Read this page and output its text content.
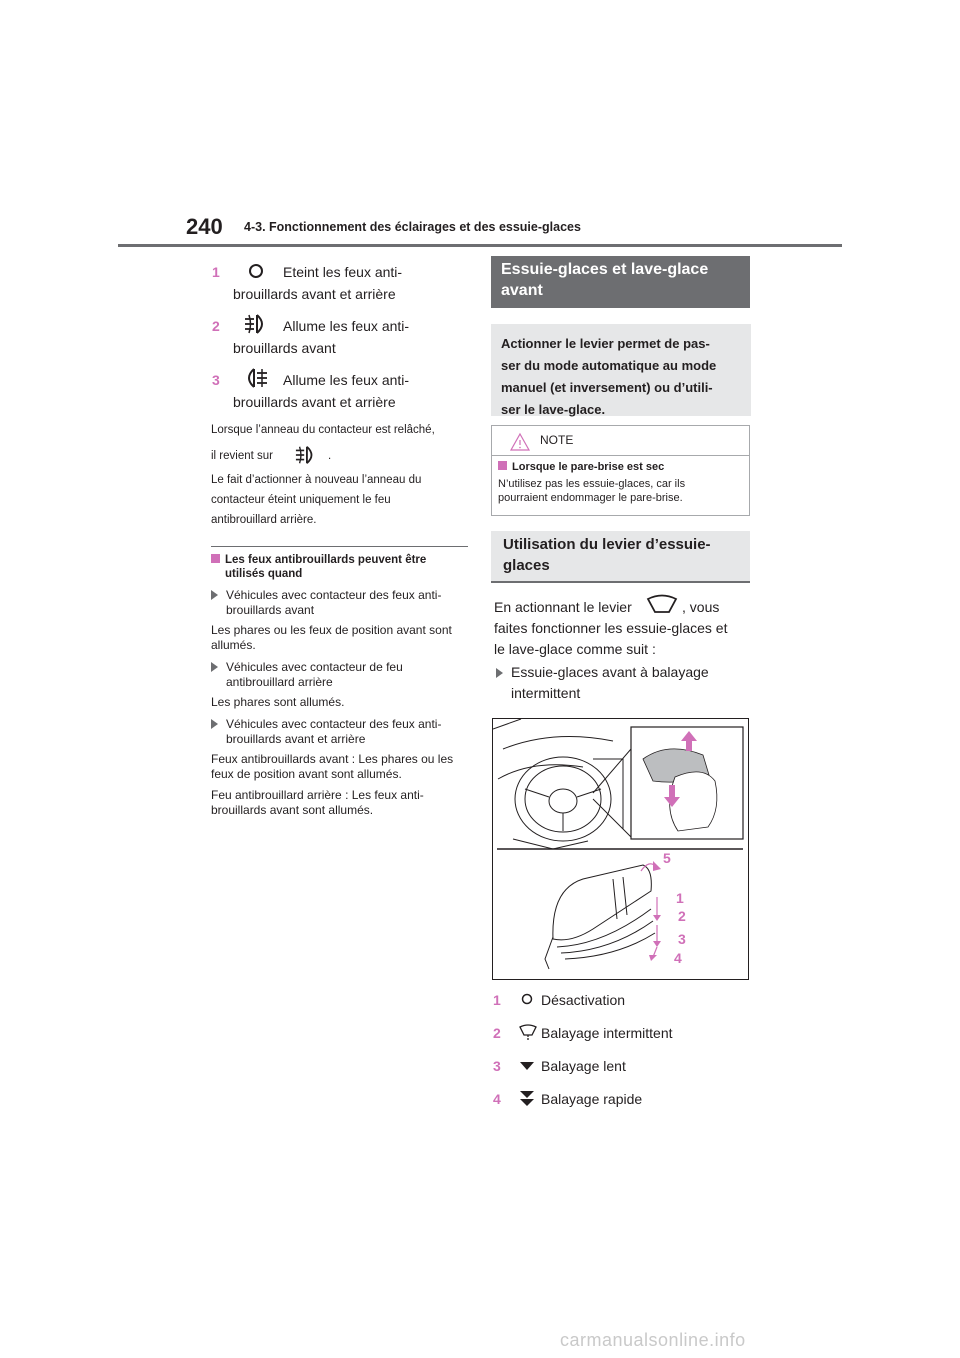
240 4-3. Fonctionnement des éclairages et des essuie-glaces
1	Eteint les feux anti-
brouillards avant et arrière
2	Allume les feux anti-
brouillards avant
3	Allume les feux anti-
brouillards avant et arrière
Lorsque l’anneau du contacteur est relâché,
il revient sur	.
Le fait d’actionner à nouveau l’anneau du
contacteur éteint uniquement le feu
antibrouillard arrière.
Les feux antibrouillards peuvent être
utilisés quand
Véhicules avec contacteur des feux anti-
brouillards avant
Les phares ou les feux de position avant sont
allumés.
Véhicules avec contacteur de feu
antibrouillard arrière
Les phares sont allumés.
Véhicules avec contacteur des feux anti-
brouillards avant et arrière
Feux antibrouillards avant : Les phares ou les
feux de position avant sont allumés.
Feu antibrouillard arrière : Les feux anti-
brouillards avant sont allumés.
Essuie-glaces et lave-glace
avant
Actionner le levier permet de pas-
ser du mode automatique au mode
manuel (et inversement) ou d’utili-
ser le lave-glace.
NOTE
Lorsque le pare-brise est sec
N’utilisez pas les essuie-glaces, car ils
pourraient endommager le pare-brise.
Utilisation du levier d’essuie-
glaces
En actionnant le levier	, vous
faites fonctionner les essuie-glaces et
le lave-glace comme suit :
Essuie-glaces avant à balayage
intermittent
5
1
2
3
4
1	Désactivation
2	Balayage intermittent
3	Balayage lent
4	Balayage rapide
carmanualsonline.info
